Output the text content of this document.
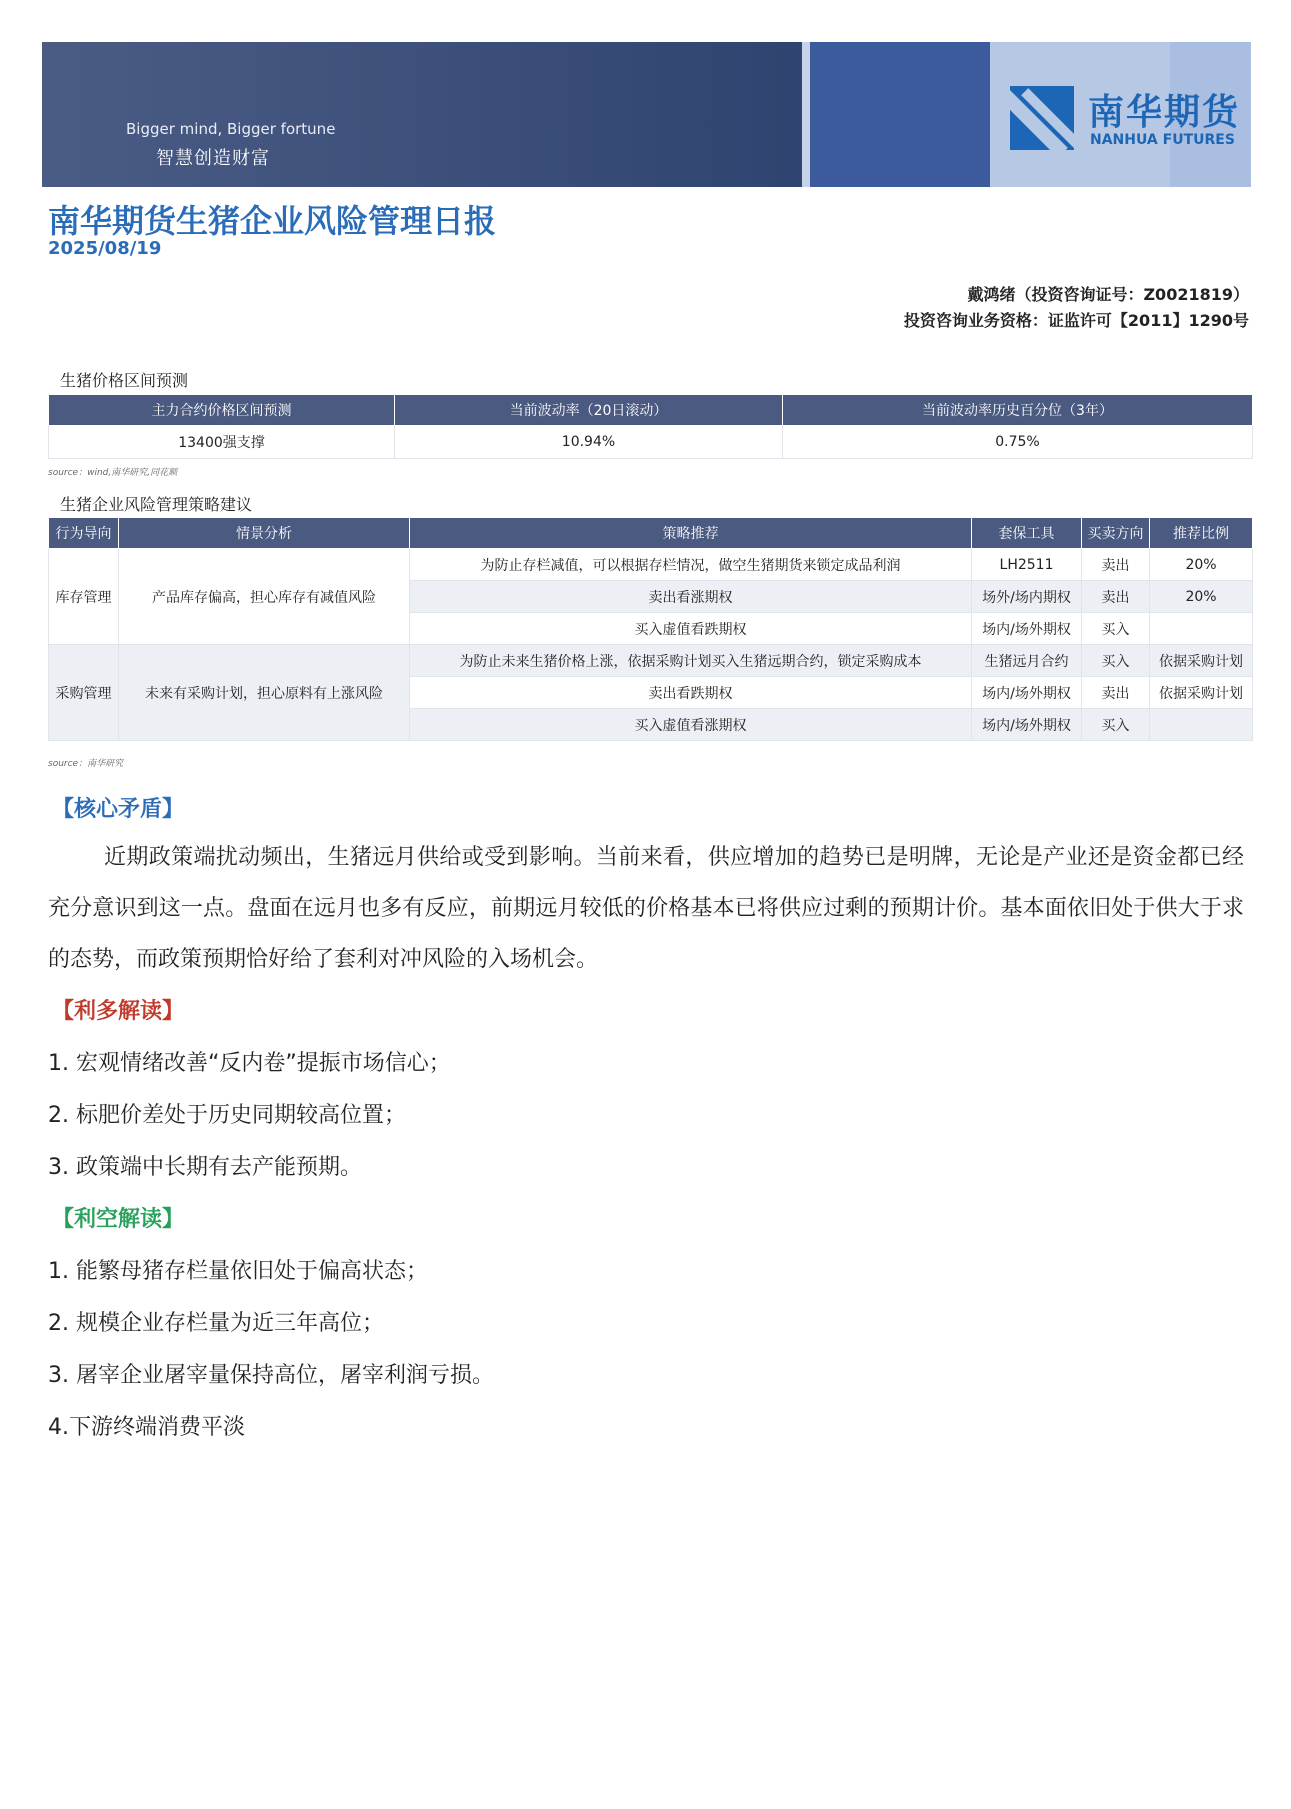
Bigger mind, Bigger fortune
智慧创造财富
南华期货
NANHUA FUTURES
南华期货生猪企业风险管理日报
2025/08/19
戴鸿绪（投资咨询证号：Z0021819）
投资咨询业务资格：证监许可【2011】1290号
生猪价格区间预测
主力合约价格区间预测	当前波动率（20日滚动）	当前波动率历史百分位（3年）
13400强支撑	10.94%	0.75%
source：wind,南华研究,同花顺
生猪企业风险管理策略建议
行为导向	情景分析	策略推荐	套保工具	买卖方向	推荐比例
库存管理	产品库存偏高，担心库存有减值风险	为防止存栏减值，可以根据存栏情况，做空生猪期货来锁定成品利润	LH2511	卖出	20%
		卖出看涨期权	场外/场内期权	卖出	20%
		买入虚值看跌期权	场内/场外期权	买入	
采购管理	未来有采购计划，担心原料有上涨风险	为防止未来生猪价格上涨，依据采购计划买入生猪远期合约，锁定采购成本	生猪远月合约	买入	依据采购计划
		卖出看跌期权	场内/场外期权	卖出	依据采购计划
		买入虚值看涨期权	场内/场外期权	买入	
source：南华研究
【核心矛盾】
近期政策端扰动频出，生猪远月供给或受到影响。当前来看，供应增加的趋势已是明牌，无论是产业还是资金都已经充分意识到这一点。盘面在远月也多有反应，前期远月较低的价格基本已将供应过剩的预期计价。基本面依旧处于供大于求的态势，而政策预期恰好给了套利对冲风险的入场机会。
【利多解读】
1. 宏观情绪改善“反内卷”提振市场信心；
2. 标肥价差处于历史同期较高位置；
3. 政策端中长期有去产能预期。
【利空解读】
1. 能繁母猪存栏量依旧处于偏高状态；
2. 规模企业存栏量为近三年高位；
3. 屠宰企业屠宰量保持高位，屠宰利润亏损。
4.下游终端消费平淡
